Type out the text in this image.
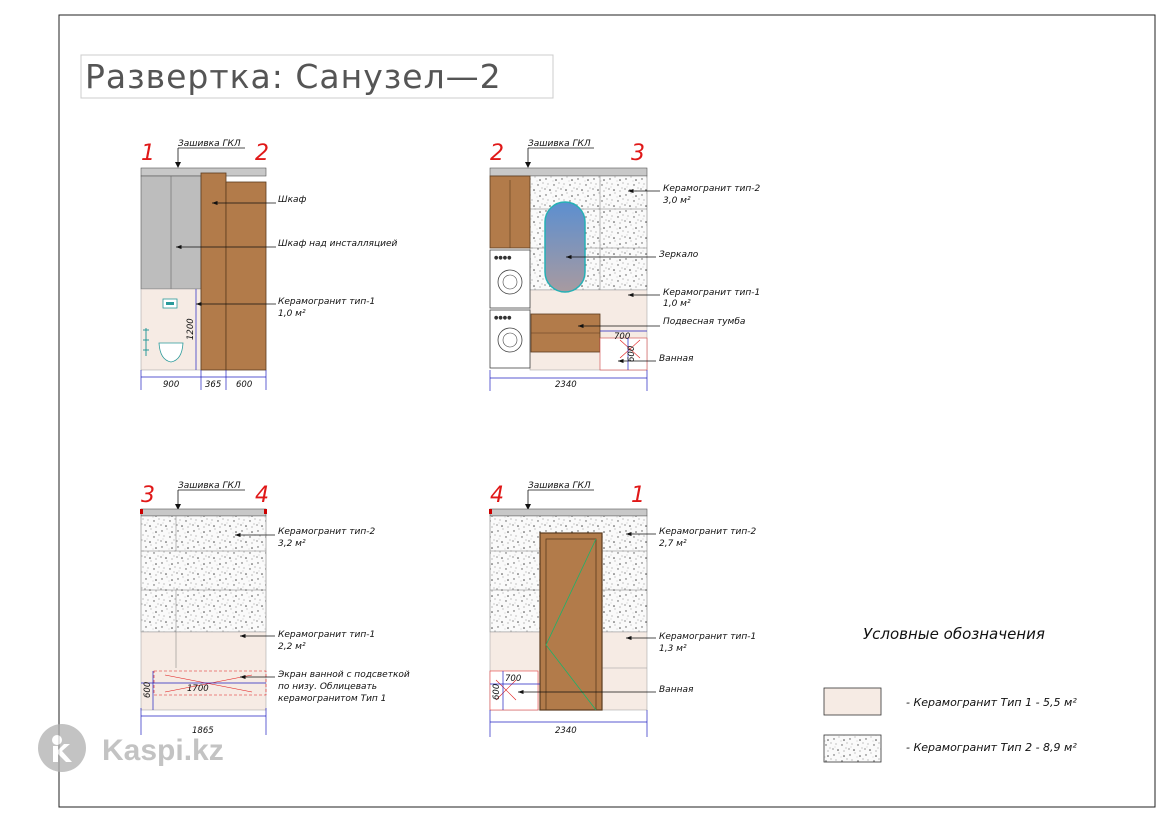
Развертка: Санузел—2
1	2
Зашивка ГКЛ
900	365 600
1200
Шкаф
Шкаф над инсталляцией
Керамогранит тип-1
1,0 м²
2	3
Зашивка ГКЛ
●●●●
●●●●
700
600
2340
Керамогранит тип-2
3,0 м²
Зеркало
Керамогранит тип-1
1,0 м²
Подвесная тумба
Ванная
3	4
Зашивка ГКЛ
1700
600
1865
Керамогранит тип-2
3,2 м²
Керамогранит тип-1
2,2 м²
Экран ванной с подсветкой
по низу. Облицевать
керамогранитом Тип 1
4	1
Зашивка ГКЛ
700
600
2340
Керамогранит тип-2
2,7 м²
Керамогранит тип-1
1,3 м²
Ванная
Условные обозначения
- Керамогранит Тип 1 - 5,5 м²
- Керамогранит Тип 2 - 8,9 м²
Kaspi.kz
